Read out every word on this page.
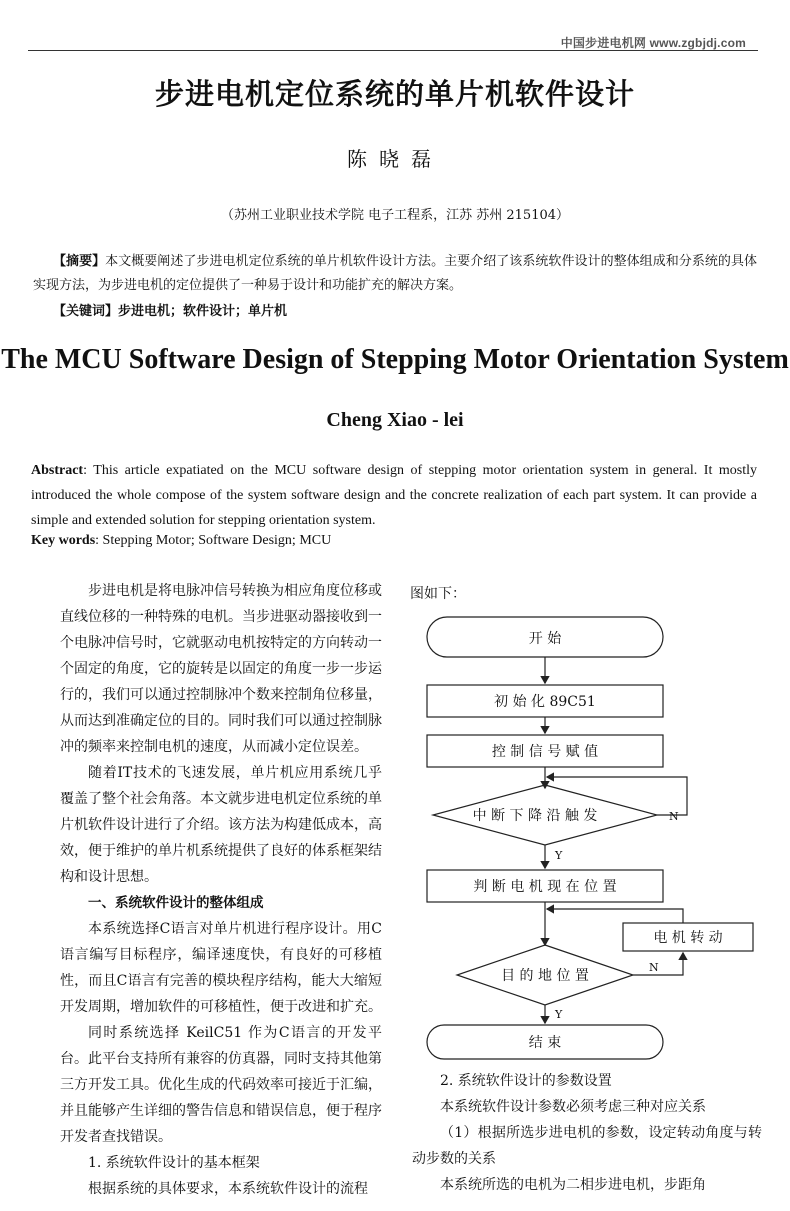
中国步进电机网 www.zgbjdj.com
步进电机定位系统的单片机软件设计
陈晓磊
（苏州工业职业技术学院 电子工程系，江苏 苏州 215104）
【摘要】本文概要阐述了步进电机定位系统的单片机软件设计方法。主要介绍了该系统软件设计的整体组成和分系统的具体实现方法，为步进电机的定位提供了一种易于设计和功能扩充的解决方案。
【关键词】步进电机；软件设计；单片机
The MCU Software Design of Stepping Motor Orientation System
Cheng Xiao - lei
Abstract: This article expatiated on the MCU software design of stepping motor orientation system in general. It mostly introduced the whole compose of the system software design and the concrete realization of each part system. It can provide a simple and extended solution for stepping orientation system.
Key words: Stepping Motor; Software Design; MCU

步进电机是将电脉冲信号转换为相应角度位移或直线位移的一种特殊的电机。当步进驱动器接收到一个电脉冲信号时，它就驱动电机按特定的方向转动一个固定的角度，它的旋转是以固定的角度一步一步运行的，我们可以通过控制脉冲个数来控制角位移量，从而达到准确定位的目的。同时我们可以通过控制脉冲的频率来控制电机的速度，从而减小定位误差。

随着IT技术的飞速发展，单片机应用系统几乎覆盖了整个社会角落。本文就步进电机定位系统的单片机软件设计进行了介绍。该方法为构建低成本，高效，便于维护的单片机系统提供了良好的体系框架结构和设计思想。

一、系统软件设计的整体组成

本系统选择C语言对单片机进行程序设计。用C语言编写目标程序，编译速度快，有良好的可移植性，而且C语言有完善的模块程序结构，能大大缩短开发周期，增加软件的可移植性，便于改进和扩充。

同时系统选择 KeilC51 作为C语言的开发平台。此平台支持所有兼容的仿真器，同时支持其他第三方开发工具。优化生成的代码效率可接近于汇编，并且能够产生详细的警告信息和错误信息，便于程序开发者查找错误。

1. 系统软件设计的基本框架

根据系统的具体要求，本系统软件设计的流程

图如下：
开 始
初 始 化 89C51
控 制 信 号 赋 值
中 断 下 降 沿 触 发	N
Y
判 断 电 机 现 在 位 置
电 机 转 动
目 的 地 位 置
N
Y
结 束

2. 系统软件设计的参数设置

本系统软件设计参数必须考虑三种对应关系

（1）根据所选步进电机的参数，设定转动角度与转动步数的关系

本系统所选的电机为二相步进电机，步距角
